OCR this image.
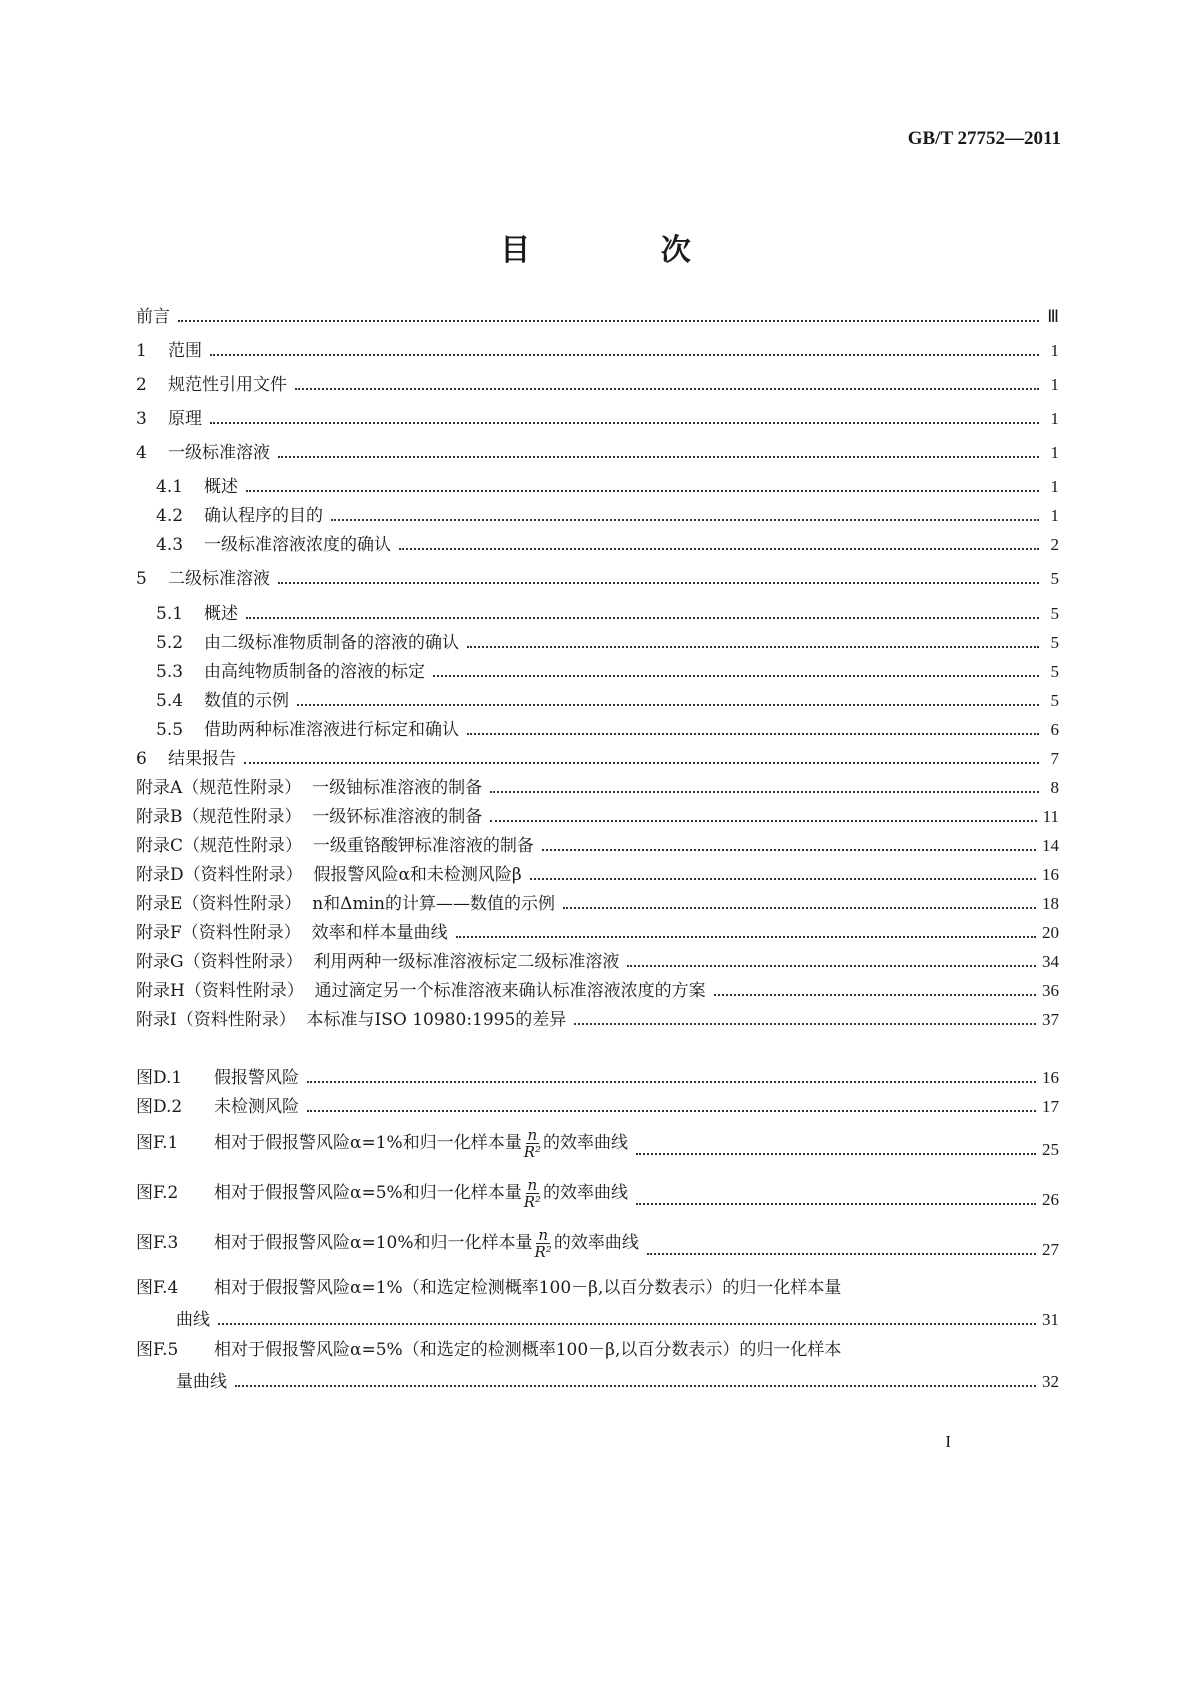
GB/T 27752—2011
目 次
前言	Ⅲ
1 范围	1
2 规范性引用文件	1
3 原理	1
4 一级标准溶液	1
4.1 概述	1
4.2 确认程序的目的	1
4.3 一级标准溶液浓度的确认	2
5 二级标准溶液	5
5.1 概述	5
5.2 由二级标准物质制备的溶液的确认	5
5.3 由高纯物质制备的溶液的标定	5
5.4 数值的示例	5
5.5 借助两种标准溶液进行标定和确认	6
6 结果报告	7
附录A（规范性附录） 一级铀标准溶液的制备	8
附录B（规范性附录） 一级钚标准溶液的制备	11
附录C（规范性附录） 一级重铬酸钾标准溶液的制备	14
附录D（资料性附录） 假报警风险α和未检测风险β	16
附录E（资料性附录） n和Δmin的计算——数值的示例	18
附录F（资料性附录） 效率和样本量曲线	20
附录G（资料性附录） 利用两种一级标准溶液标定二级标准溶液	34
附录H（资料性附录） 通过滴定另一个标准溶液来确认标准溶液浓度的方案	36
附录I（资料性附录） 本标准与ISO 10980:1995的差异	37
图D.1 假报警风险	16
图D.2 未检测风险	17
图F.1 相对于假报警风险α=1%和归一化样本量 $\frac{n}{\text{R²}}$ 的效率曲线	25
图F.2 相对于假报警风险α=5%和归一化样本量 $\frac{n}{\text{R²}}$ 的效率曲线	26
图F.3 相对于假报警风险α=10%和归一化样本量 $\frac{n}{\text{R²}}$ 的效率曲线	27
图F.4 相对于假报警风险α=1%（和选定检测概率100－β,以百分数表示）的归一化样本量
曲线	31
图F.5 相对于假报警风险α=5%（和选定的检测概率100－β,以百分数表示）的归一化样本
量曲线	32
I
